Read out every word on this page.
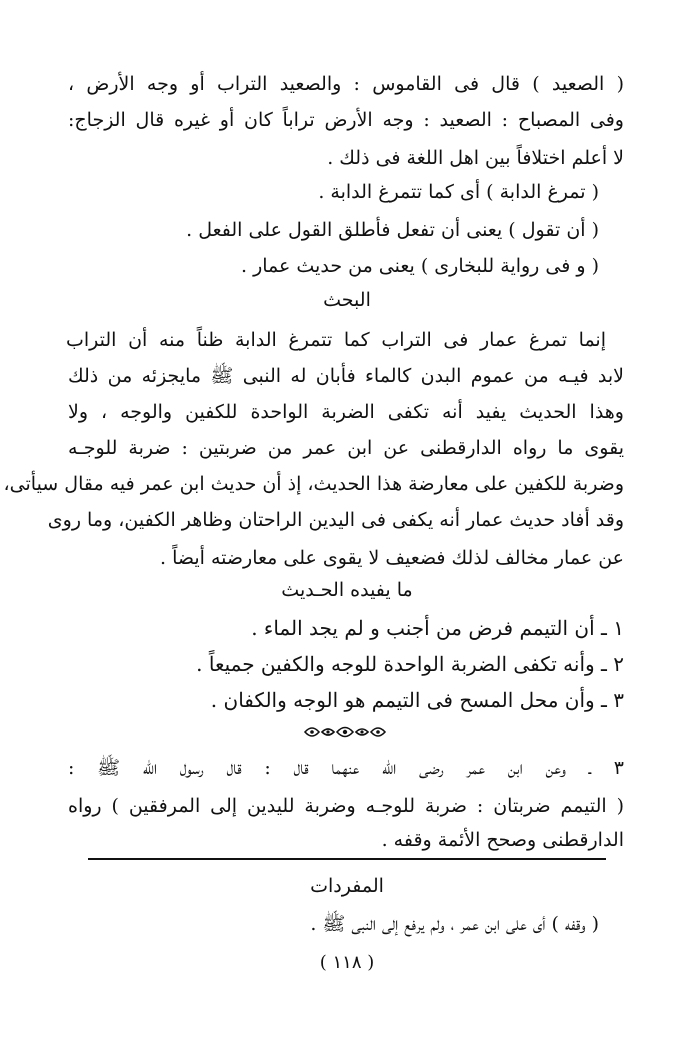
( الصعيد ) قال فى القاموس : والصعيد التراب أو وجه الأرض ،
وفى المصباح : الصعيد : وجه الأرض تراباً كان أو غيره قال الزجاج:
لا أعلم اختلافاً بين اهل اللغة فى ذلك .
( تمرغ الدابة ) أى كما تتمرغ الدابة .
( أن تقول ) يعنى أن تفعل فأطلق القول على الفعل .
( و فى رواية للبخارى ) يعنى من حديث عمار .
البحث
إنما تمرغ عمار فى التراب كما تتمرغ الدابة ظناً منه أن التراب
لابد فيـه من عموم البدن كالماء فأبان له النبى ﷺ مايجزئه من ذلك
وهذا الحديث يفيد أنه تكفى الضربة الواحدة للكفين والوجه ، ولا
يقوى ما رواه الدارقطنى عن ابن عمر من ضربتين : ضربة للوجـه
وضربة للكفين على معارضة هذا الحديث، إذ أن حديث ابن عمر فيه مقال سيأتى،
وقد أفاد حديث عمار أنه يكفى فى اليدين الراحتان وظاهر الكفين، وما روى
عن عمار مخالف لذلك فضعيف لا يقوى على معارضته أيضاً .
ما يفيده الحـديث
١ ـ أن التيمم فرض من أجنب و لم يجد الماء .
٢ ـ وأنه تكفى الضربة الواحدة للوجه والكفين جميعاً .
٣ ـ وأن محل المسح فى التيمم هو الوجه والكفان .
٣ ـ وعن ابن عمر رضى الله عنهما قال : قال رسول الله ﷺ :
( التيمم ضربتان : ضربة للوجـه وضربة لليدين إلى المرفقين ) رواه
الدارقطنى وصحح الأئمة وقفه .
المفردات
( وقفه ) أى على ابن عمر ، ولم يرفع إلى النبى ﷺ .
( ١١٨ )
